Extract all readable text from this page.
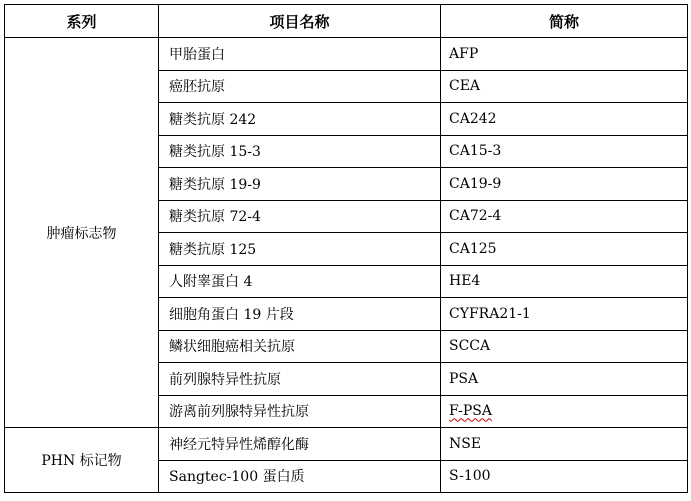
系列	项目名称	简称
肿瘤标志物	甲胎蛋白	AFP
	癌胚抗原	CEA
	糖类抗原 242	CA242
	糖类抗原 15-3	CA15-3
	糖类抗原 19-9	CA19-9
	糖类抗原 72-4	CA72-4
	糖类抗原 125	CA125
	人附睾蛋白 4	HE4
	细胞角蛋白 19 片段	CYFRA21-1
	鳞状细胞癌相关抗原	SCCA
	前列腺特异性抗原	PSA
	游离前列腺特异性抗原	F-PSA
PHN 标记物	神经元特异性烯醇化酶	NSE
	Sangtec-100 蛋白质	S-100
